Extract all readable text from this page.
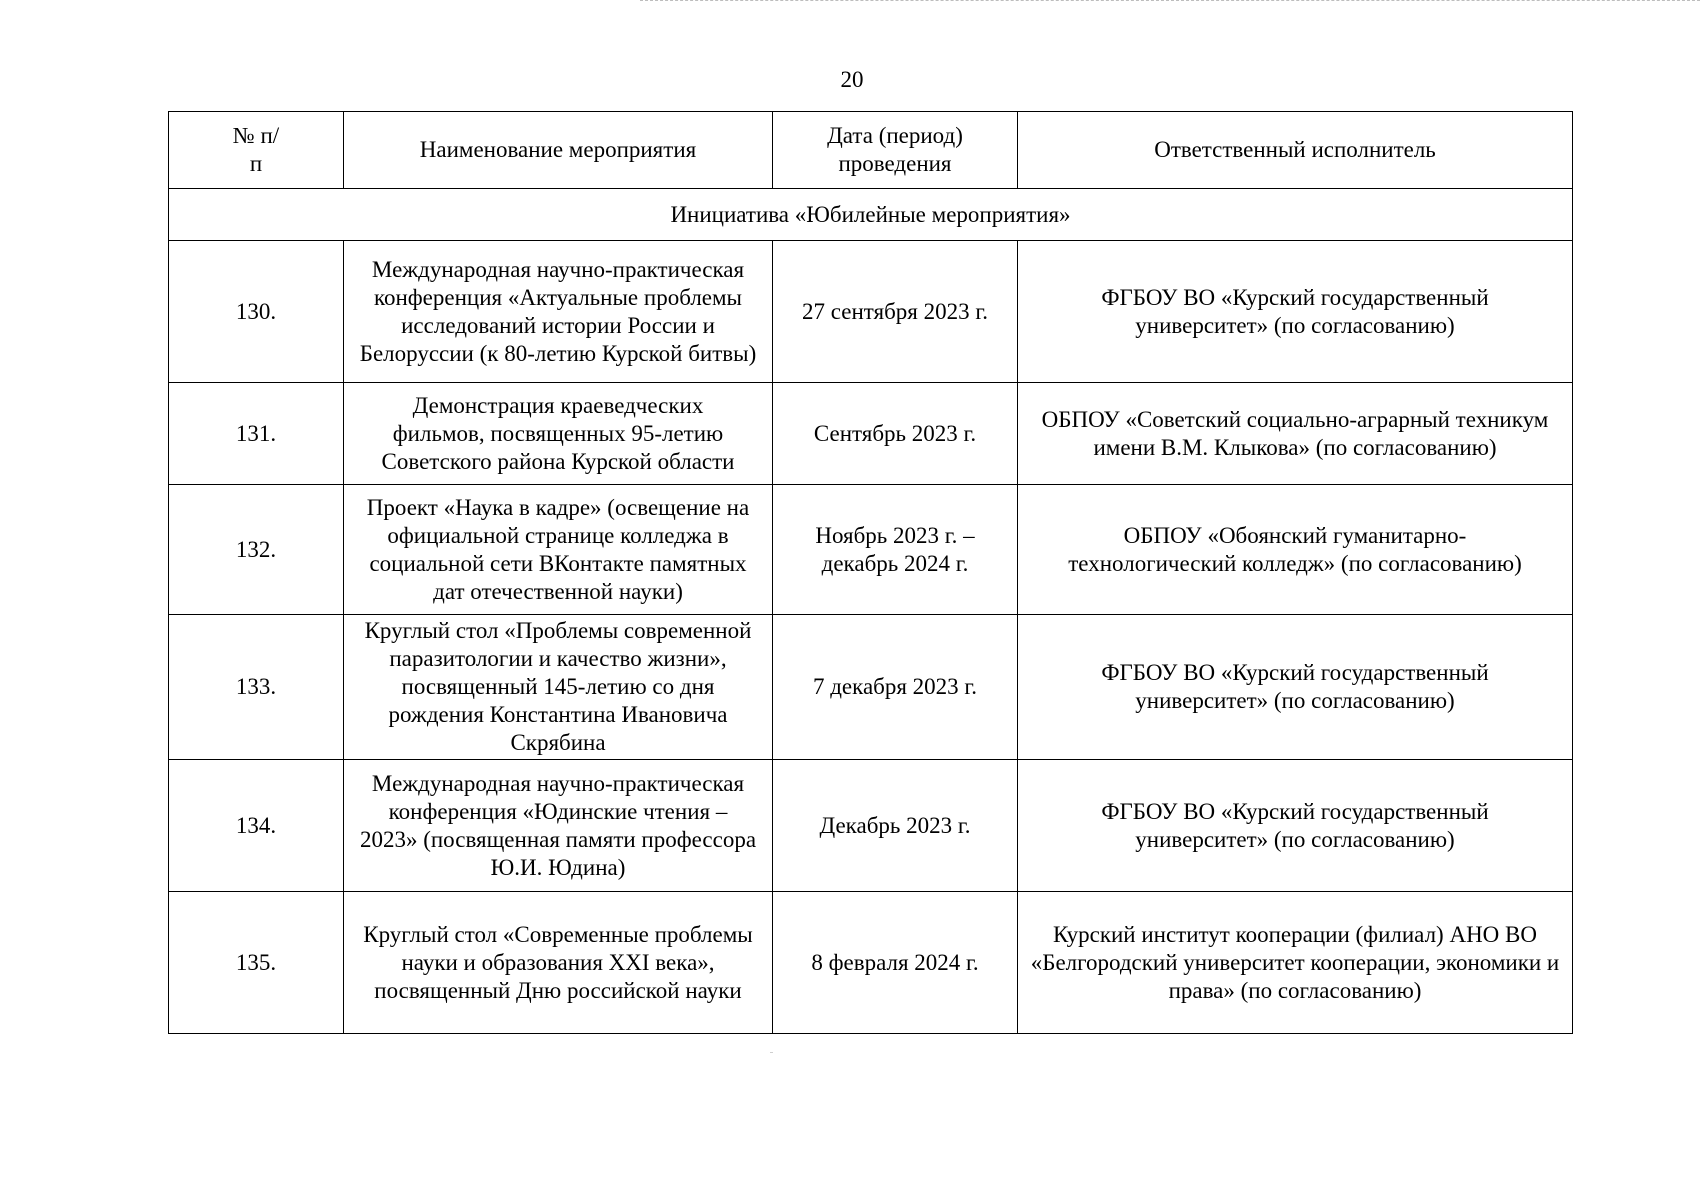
20
№ п/п	Наименование мероприятия	Дата (период) проведения	Ответственный исполнитель
Инициатива «Юбилейные мероприятия»			
130.	Международная научно-практическая конференция «Актуальные проблемы исследований истории России и Белоруссии (к 80-летию Курской битвы)	27 сентября 2023 г.	ФГБОУ ВО «Курский государственный университет» (по согласованию)
131.	Демонстрация краеведческих фильмов, посвященных 95-летию Советского района Курской области	Сентябрь 2023 г.	ОБПОУ «Советский социально-аграрный техникум имени В.М. Клыкова» (по согласованию)
132.	Проект «Наука в кадре» (освещение на официальной странице колледжа в социальной сети ВКонтакте памятных дат отечественной науки)	Ноябрь 2023 г. – декабрь 2024 г.	ОБПОУ «Обоянский гуманитарно-технологический колледж» (по согласованию)
133.	Круглый стол «Проблемы современной паразитологии и качество жизни», посвященный 145-летию со дня рождения Константина Ивановича Скрябина	7 декабря 2023 г.	ФГБОУ ВО «Курский государственный университет» (по согласованию)
134.	Международная научно-практическая конференция «Юдинские чтения – 2023» (посвященная памяти профессора Ю.И. Юдина)	Декабрь 2023 г.	ФГБОУ ВО «Курский государственный университет» (по согласованию)
135.	Круглый стол «Современные проблемы науки и образования XXI века», посвященный Дню российской науки	8 февраля 2024 г.	Курский институт кооперации (филиал) АНО ВО «Белгородский университет кооперации, экономики и права» (по согласованию)
